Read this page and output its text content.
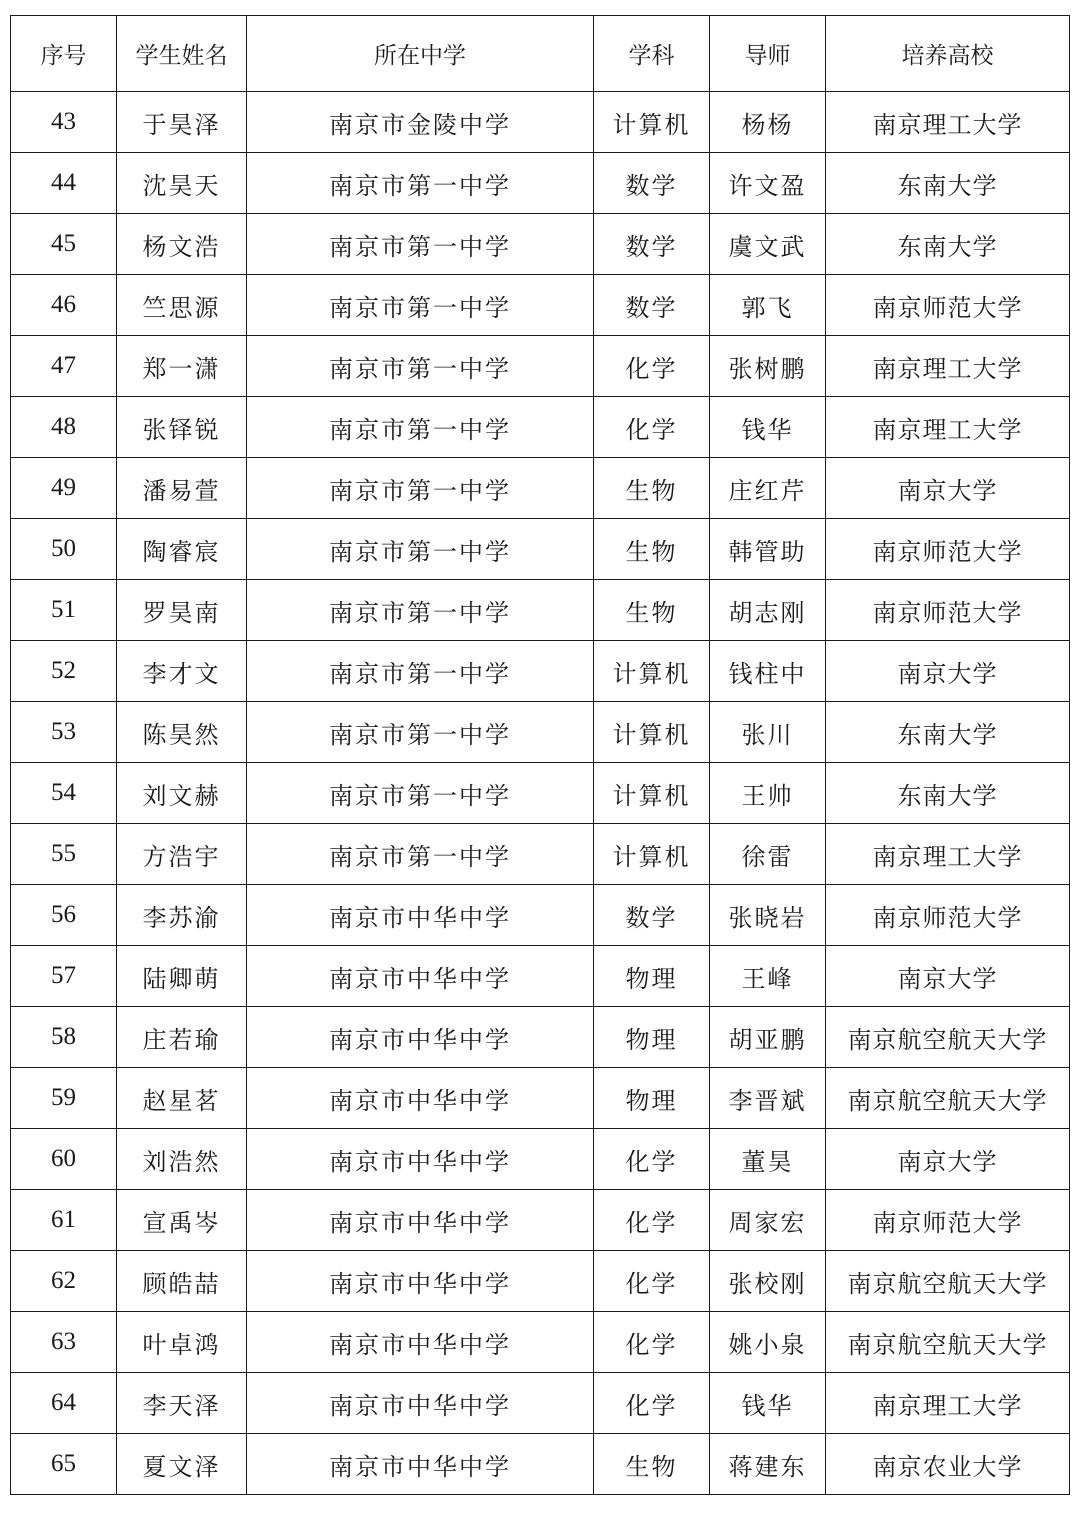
序号	学生姓名	所在中学	学科	导师	培养高校
43	于昊泽	南京市金陵中学	计算机	杨杨	南京理工大学
44	沈昊天	南京市第一中学	数学	许文盈	东南大学
45	杨文浩	南京市第一中学	数学	虞文武	东南大学
46	竺思源	南京市第一中学	数学	郭飞	南京师范大学
47	郑一潇	南京市第一中学	化学	张树鹏	南京理工大学
48	张铎锐	南京市第一中学	化学	钱华	南京理工大学
49	潘易萱	南京市第一中学	生物	庄红芹	南京大学
50	陶睿宸	南京市第一中学	生物	韩管助	南京师范大学
51	罗昊南	南京市第一中学	生物	胡志刚	南京师范大学
52	李才文	南京市第一中学	计算机	钱柱中	南京大学
53	陈昊然	南京市第一中学	计算机	张川	东南大学
54	刘文赫	南京市第一中学	计算机	王帅	东南大学
55	方浩宇	南京市第一中学	计算机	徐雷	南京理工大学
56	李苏渝	南京市中华中学	数学	张晓岩	南京师范大学
57	陆卿萌	南京市中华中学	物理	王峰	南京大学
58	庄若瑜	南京市中华中学	物理	胡亚鹏	南京航空航天大学
59	赵星茗	南京市中华中学	物理	李晋斌	南京航空航天大学
60	刘浩然	南京市中华中学	化学	董昊	南京大学
61	宣禹岑	南京市中华中学	化学	周家宏	南京师范大学
62	顾皓喆	南京市中华中学	化学	张校刚	南京航空航天大学
63	叶卓鸿	南京市中华中学	化学	姚小泉	南京航空航天大学
64	李天泽	南京市中华中学	化学	钱华	南京理工大学
65	夏文泽	南京市中华中学	生物	蒋建东	南京农业大学
